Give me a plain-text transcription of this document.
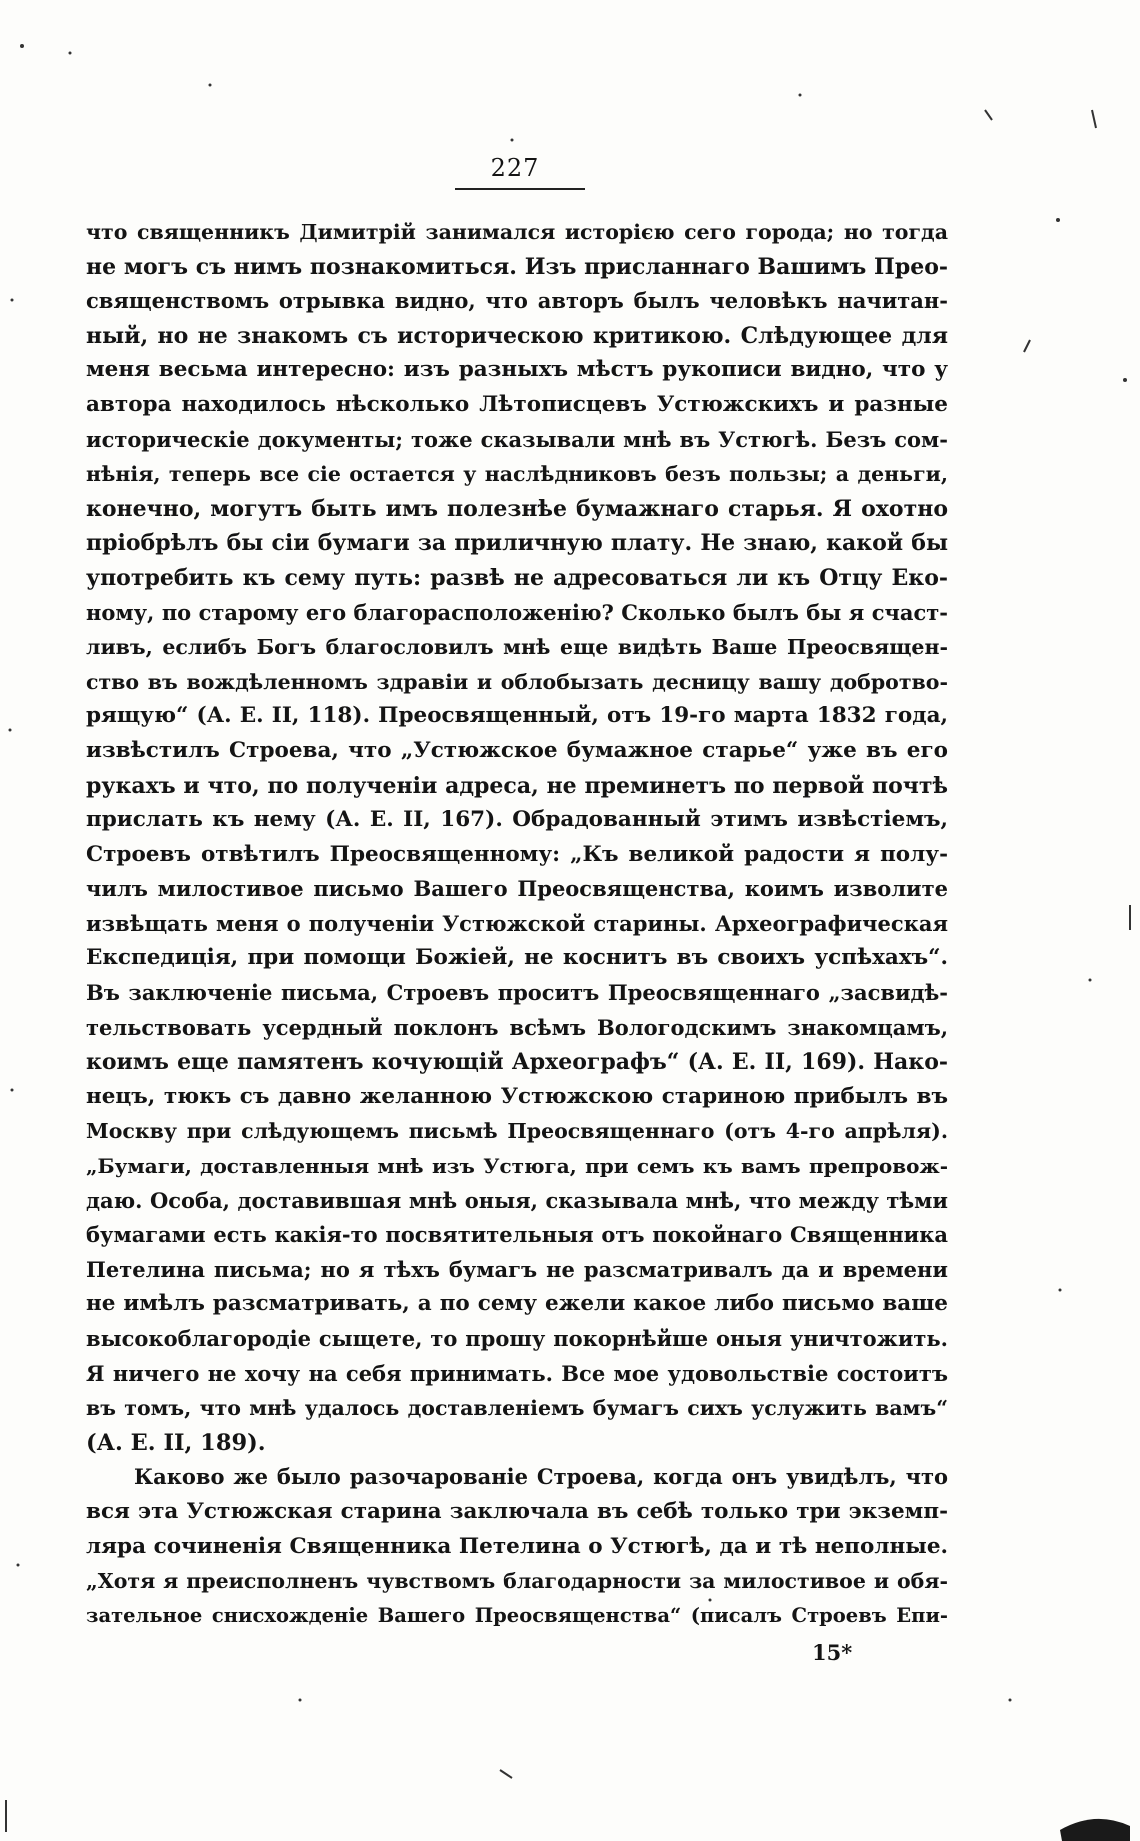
227
что священникъ Димитрій занимался исторією сего города; но тогда
не могъ съ нимъ познакомиться. Изъ присланнаго Вашимъ Прео-
священствомъ отрывка видно, что авторъ былъ человѣкъ начитан-
ный, но не знакомъ съ историческою критикою. Слѣдующее для
меня весьма интересно: изъ разныхъ мѣстъ рукописи видно, что у
автора находилось нѣсколько Лѣтописцевъ Устюжскихъ и разные
историческіе документы; тоже сказывали мнѣ въ Устюгѣ. Безъ сом-
нѣнія, теперь все сіе остается у наслѣдниковъ безъ пользы; а деньги,
конечно, могутъ быть имъ полезнѣе бумажнаго старья. Я охотно
пріобрѣлъ бы сіи бумаги за приличную плату. Не знаю, какой бы
употребить къ сему путь: развѣ не адресоваться ли къ Отцу Еко-
ному, по старому его благорасположенію? Сколько былъ бы я счаст-
ливъ, еслибъ Богъ благословилъ мнѣ еще видѣть Ваше Преосвящен-
ство въ вождѣленномъ здравіи и облобызать десницу вашу добротво-
рящую“ (А. Е. II, 118). Преосвященный, отъ 19-го марта 1832 года,
извѣстилъ Строева, что „Устюжское бумажное старье“ уже въ его
рукахъ и что, по полученіи адреса, не преминетъ по первой почтѣ
прислать къ нему (А. Е. II, 167). Обрадованный этимъ извѣстіемъ,
Строевъ отвѣтилъ Преосвященному: „Къ великой радости я полу-
чилъ милостивое письмо Вашего Преосвященства, коимъ изволите
извѣщать меня о полученіи Устюжской старины. Археографическая
Експедиція, при помощи Божіей, не коснитъ въ своихъ успѣхахъ“.
Въ заключеніе письма, Строевъ проситъ Преосвященнаго „засвидѣ-
тельствовать усердный поклонъ всѣмъ Вологодскимъ знакомцамъ,
коимъ еще памятенъ кочующій Археографъ“ (А. Е. II, 169). Нако-
нецъ, тюкъ съ давно желанною Устюжскою стариною прибылъ въ
Москву при слѣдующемъ письмѣ Преосвященнаго (отъ 4-го апрѣля).
„Бумаги, доставленныя мнѣ изъ Устюга, при семъ къ вамъ препровож-
даю. Особа, доставившая мнѣ оныя, сказывала мнѣ, что между тѣми
бумагами есть какія-то посвятительныя отъ покойнаго Священника
Петелина письма; но я тѣхъ бумагъ не разсматривалъ да и времени
не имѣлъ разсматривать, а по сему ежели какое либо письмо ваше
высокоблагородіе сыщете, то прошу покорнѣйше оныя уничтожить.
Я ничего не хочу на себя принимать. Все мое удовольствіе состоитъ
въ томъ, что мнѣ удалось доставленіемъ бумагъ сихъ услужить вамъ“
(А. Е. II, 189).
Каково же было разочарованіе Строева, когда онъ увидѣлъ, что
вся эта Устюжская старина заключала въ себѣ только три экземп-
ляра сочиненія Священника Петелина о Устюгѣ, да и тѣ неполные.
„Хотя я преисполненъ чувствомъ благодарности за милостивое и обя-
зательное снисхожденіе Вашего Преосвященства“ (писалъ Строевъ Епи-
15*
